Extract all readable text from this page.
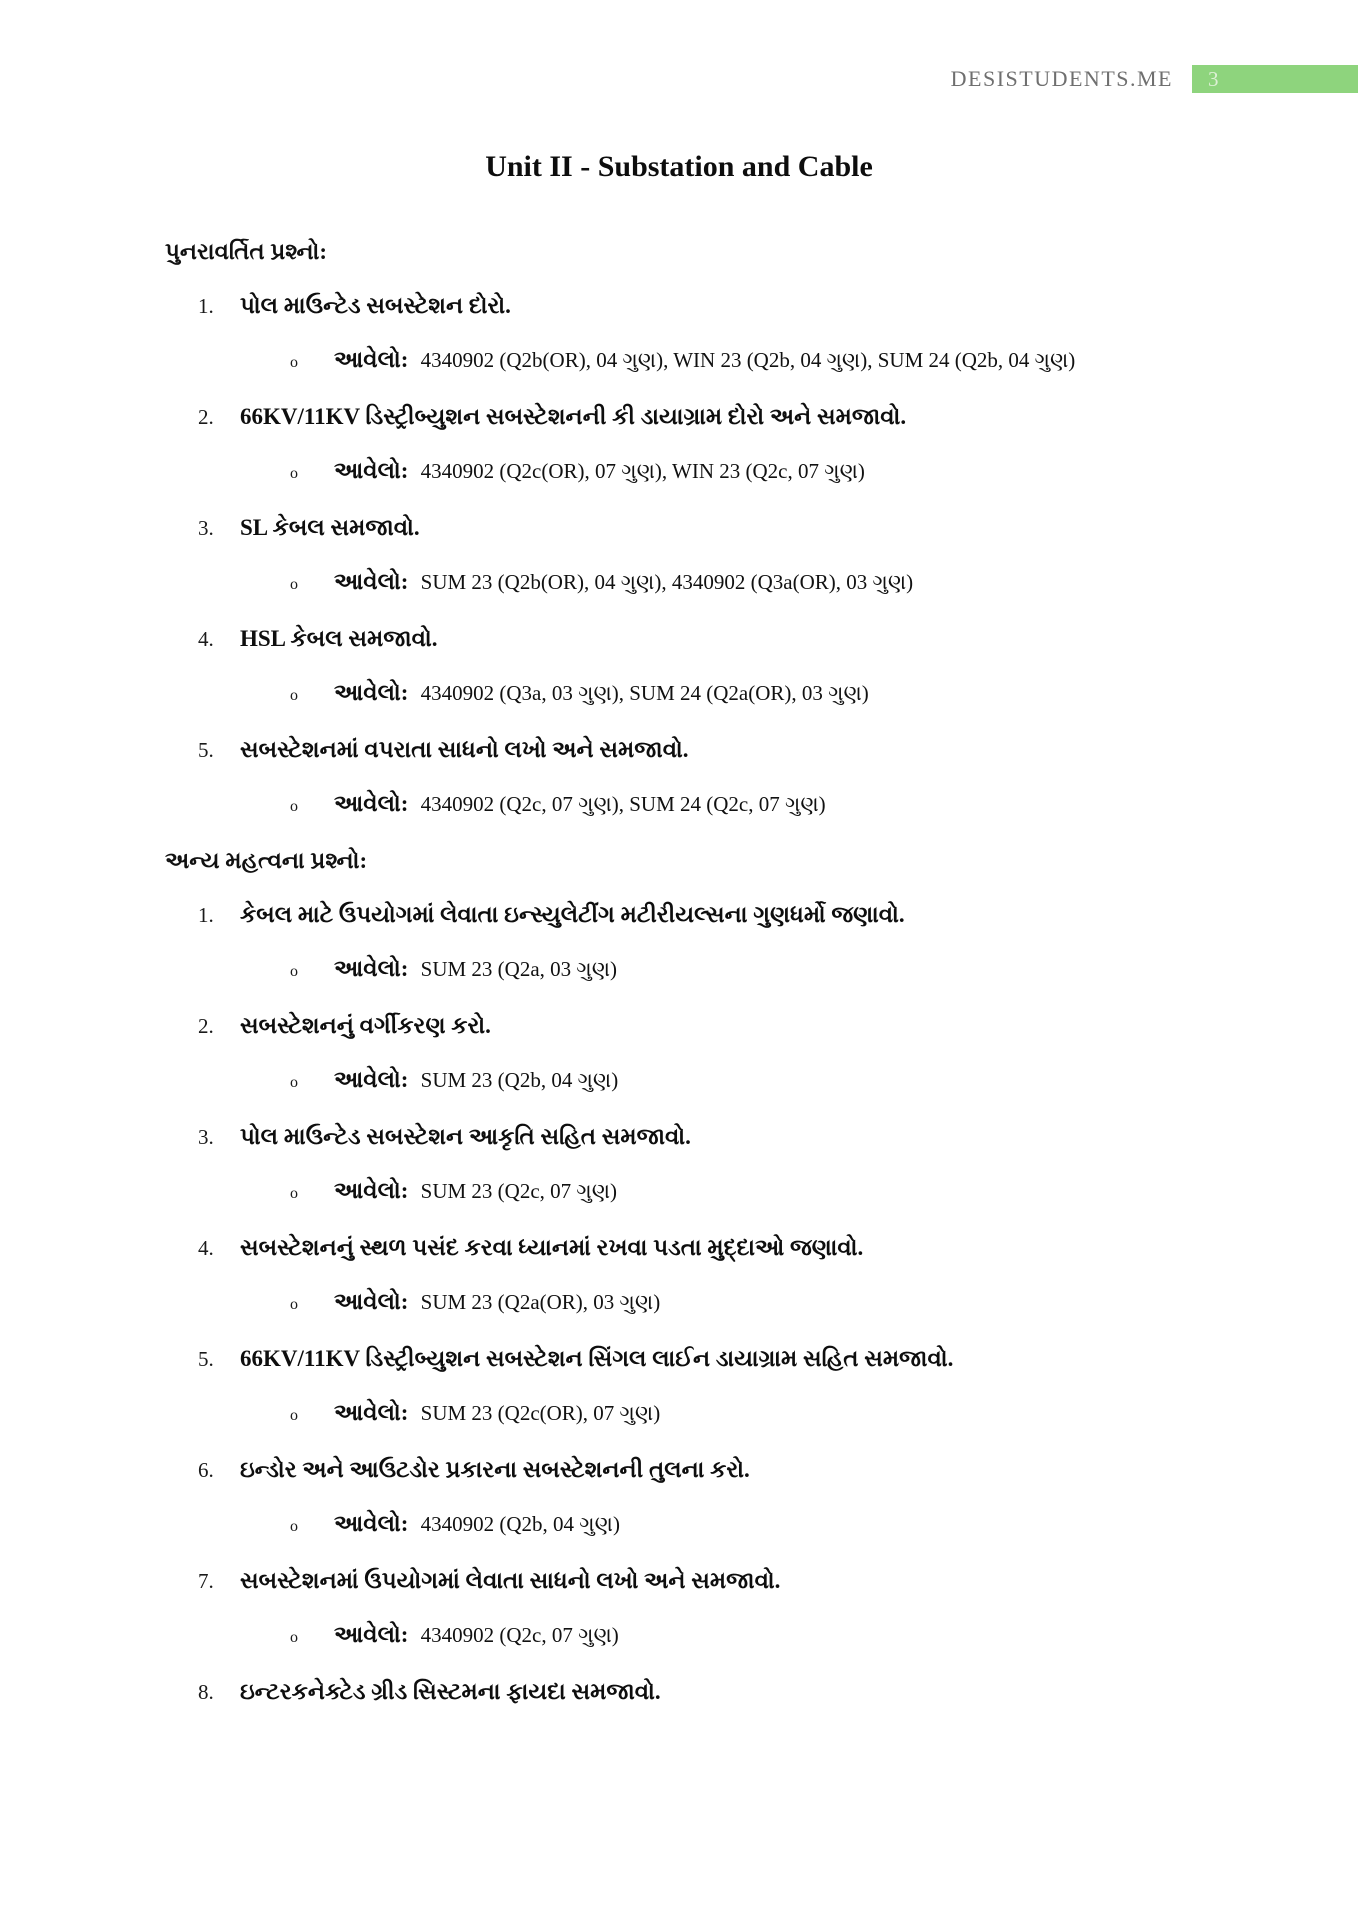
DESISTUDENTS.ME 3
Unit II - Substation and Cable
પુનરાવર્તિત પ્રશ્નો:
1.	પોલ માઉન્ટેડ સબસ્ટેશન દોરો.
o	આવેલો: 4340902 (Q2b(OR), 04 ગુણ), WIN 23 (Q2b, 04 ગુણ), SUM 24 (Q2b, 04 ગુણ)
2.	66KV/11KV ડિસ્ટ્રીબ્યુશન સબસ્ટેશનની કી ડાયાગ્રામ દોરો અને સમજાવો.
o	આવેલો: 4340902 (Q2c(OR), 07 ગુણ), WIN 23 (Q2c, 07 ગુણ)
3.	SL કેબલ સમજાવો.
o	આવેલો: SUM 23 (Q2b(OR), 04 ગુણ), 4340902 (Q3a(OR), 03 ગુણ)
4.	HSL કેબલ સમજાવો.
o	આવેલો: 4340902 (Q3a, 03 ગુણ), SUM 24 (Q2a(OR), 03 ગુણ)
5.	સબસ્ટેશનમાં વપરાતા સાધનો લખો અને સમજાવો.
o	આવેલો: 4340902 (Q2c, 07 ગુણ), SUM 24 (Q2c, 07 ગુણ)
અન્ય મહત્વના પ્રશ્નો:
1.	કેબલ માટે ઉપયોગમાં લેવાતા ઇન્સ્યુલેટીંગ મટીરીયલ્સના ગુણધર્મો જણાવો.
o	આવેલો: SUM 23 (Q2a, 03 ગુણ)
2.	સબસ્ટેશનનું વર્ગીકરણ કરો.
o	આવેલો: SUM 23 (Q2b, 04 ગુણ)
3.	પોલ માઉન્ટેડ સબસ્ટેશન આકૃતિ સહિત સમજાવો.
o	આવેલો: SUM 23 (Q2c, 07 ગુણ)
4.	સબસ્ટેશનનું સ્થળ પસંદ કરવા ધ્યાનમાં રખવા પડતા મુદ્દાઓ જણાવો.
o	આવેલો: SUM 23 (Q2a(OR), 03 ગુણ)
5.	66KV/11KV ડિસ્ટ્રીબ્યુશન સબસ્ટેશન સિંગલ લાઈન ડાયાગ્રામ સહિત સમજાવો.
o	આવેલો: SUM 23 (Q2c(OR), 07 ગુણ)
6.	ઇન્ડોર અને આઉટડોર પ્રકારના સબસ્ટેશનની તુલના કરો.
o	આવેલો: 4340902 (Q2b, 04 ગુણ)
7.	સબસ્ટેશનમાં ઉપયોગમાં લેવાતા સાધનો લખો અને સમજાવો.
o	આવેલો: 4340902 (Q2c, 07 ગુણ)
8.	ઇન્ટરકનેક્ટેડ ગ્રીડ સિસ્ટમના ફાયદા સમજાવો.
